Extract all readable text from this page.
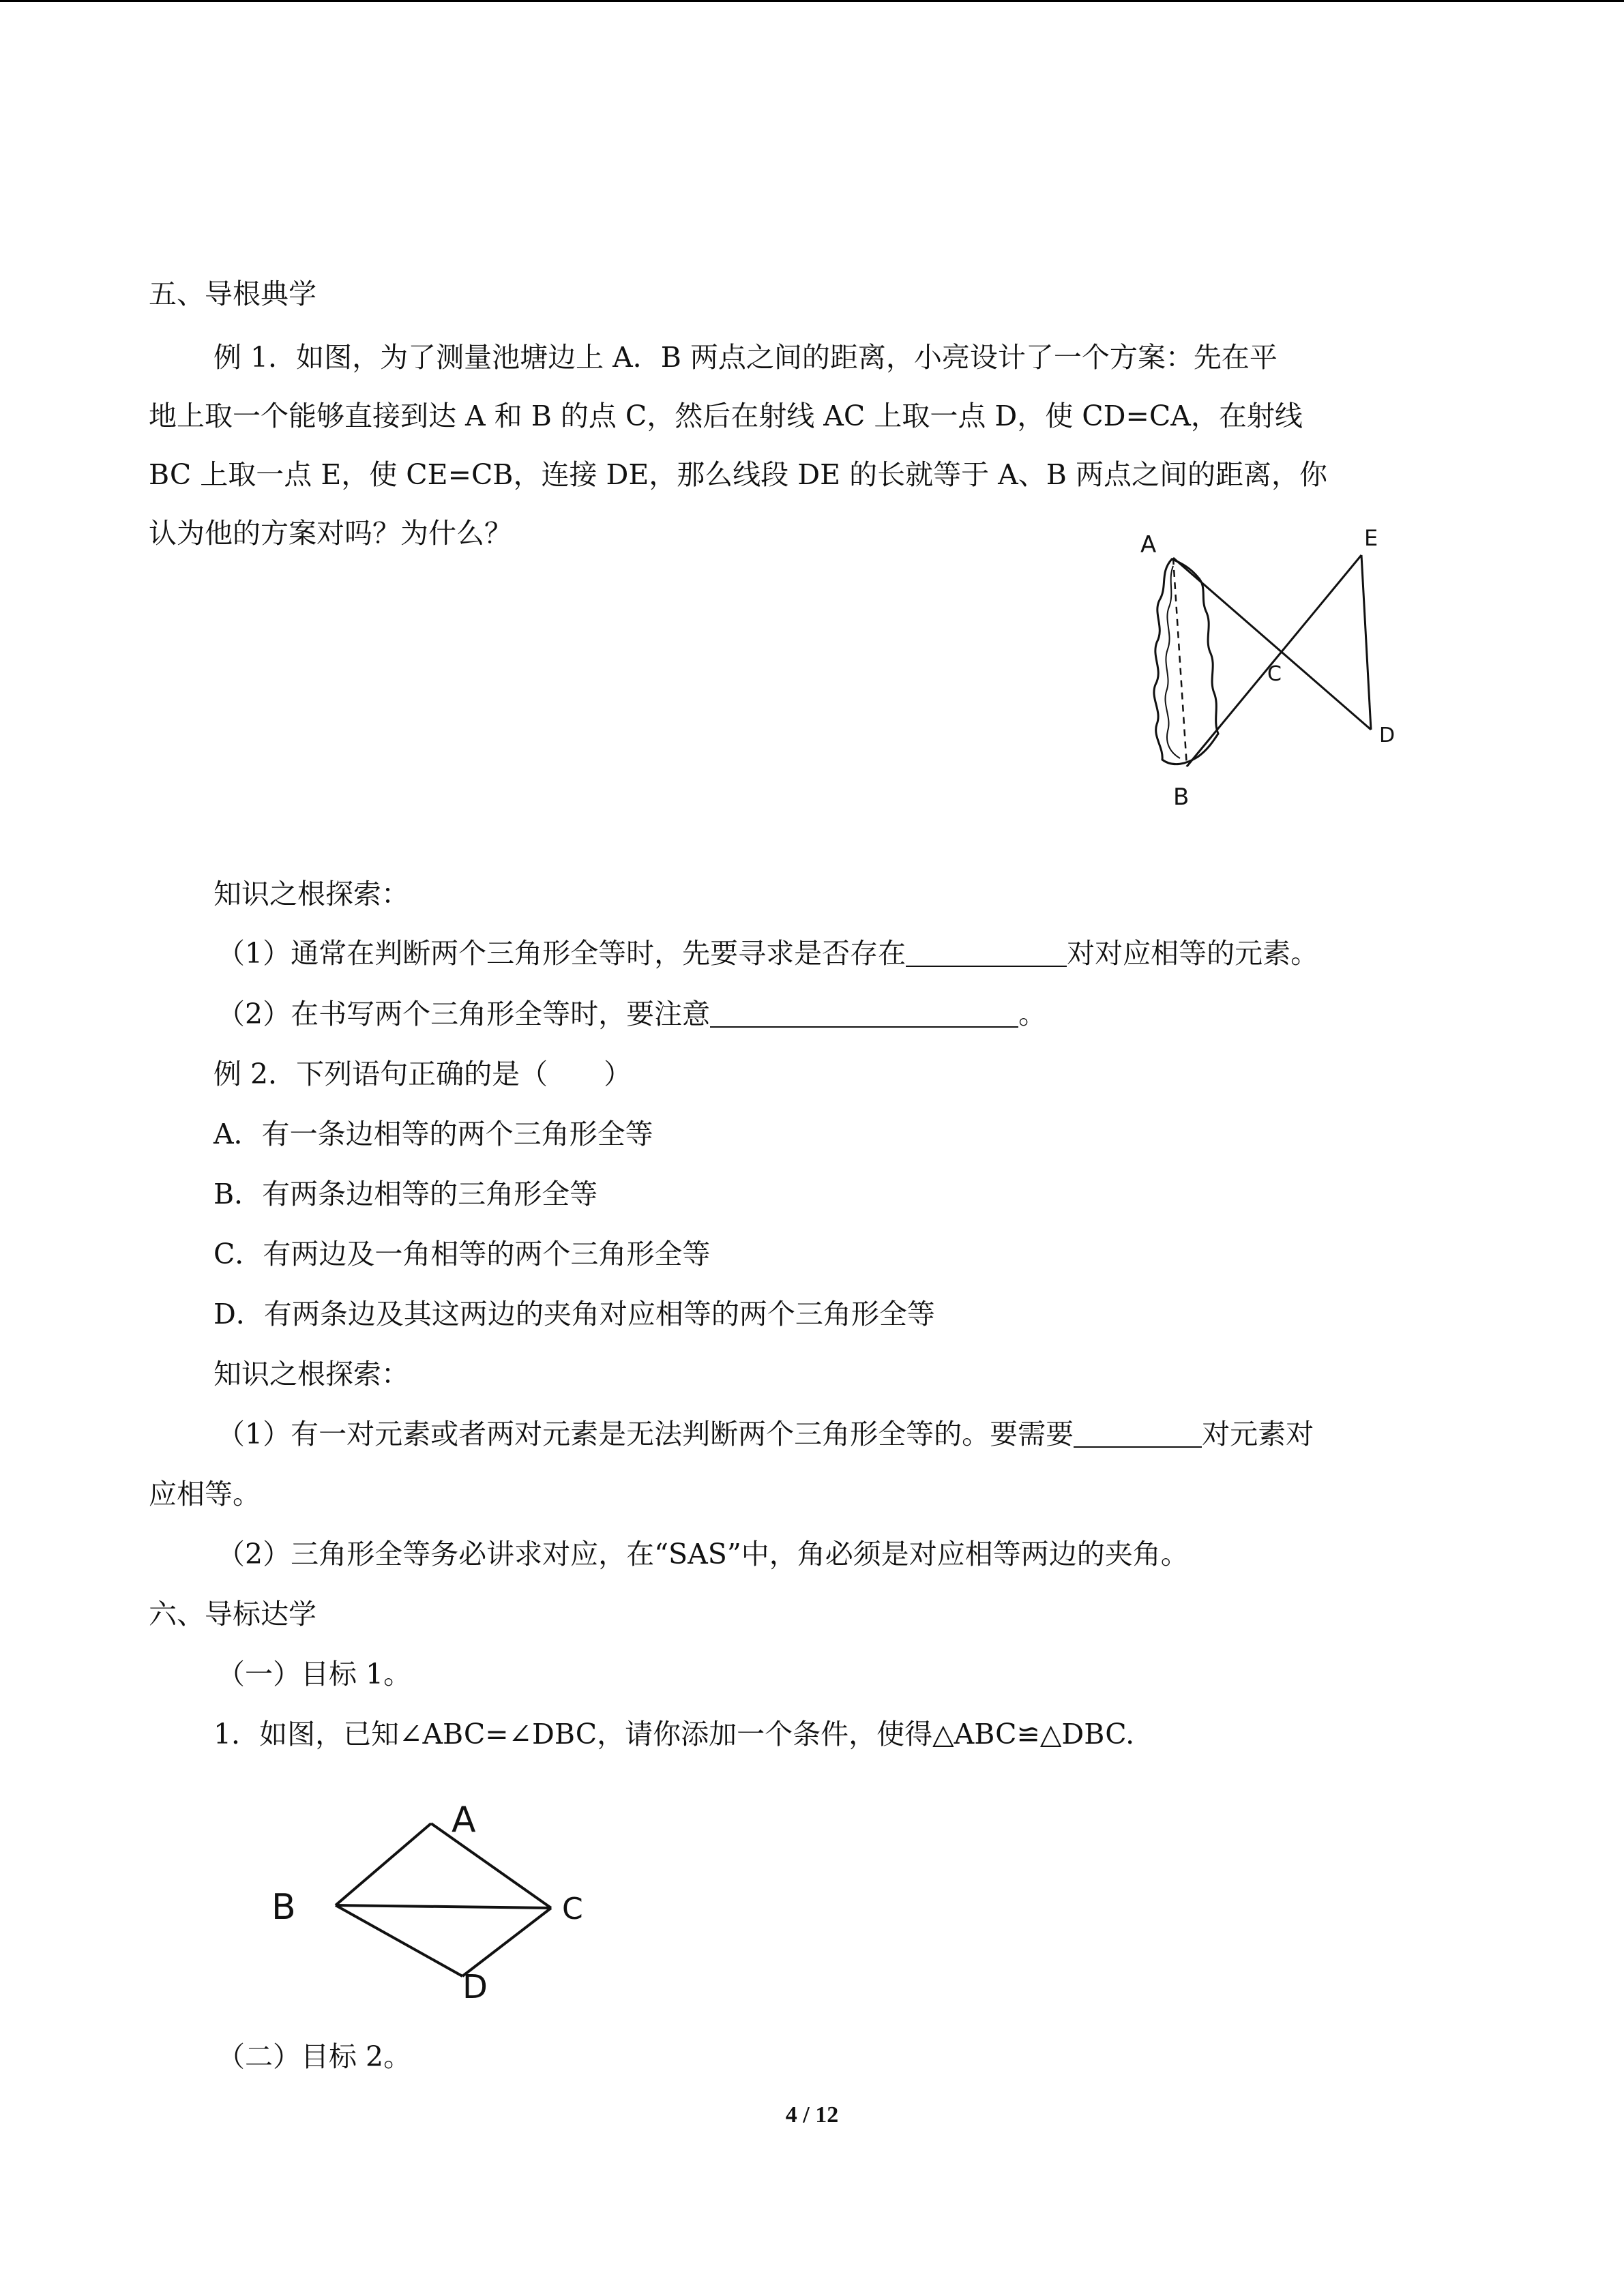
五、导根典学
例 1．如图，为了测量池塘边上 A．B 两点之间的距离，小亮设计了一个方案：先在平
地上取一个能够直接到达 A 和 B 的点 C，然后在射线 AC 上取一点 D，使 CD=CA，在射线
BC 上取一点 E，使 CE=CB，连接 DE，那么线段 DE 的长就等于 A、B 两点之间的距离，你
认为他的方案对吗？为什么？	A
B
C
D
E
知识之根探索：
（1）通常在判断两个三角形全等时，先要寻求是否存在	对对应相等的元素。
（2）在书写两个三角形全等时，要注意	。
例 2．下列语句正确的是（　　）
A．有一条边相等的两个三角形全等
B．有两条边相等的三角形全等
C．有两边及一角相等的两个三角形全等
D．有两条边及其这两边的夹角对应相等的两个三角形全等
知识之根探索：
（1）有一对元素或者两对元素是无法判断两个三角形全等的。要需要	对元素对
应相等。
（2）三角形全等务必讲求对应，在“SAS”中，角必须是对应相等两边的夹角。
六、导标达学
（一）目标 1。
1．如图，已知∠ABC=∠DBC，请你添加一个条件，使得△ABC≌△DBC.
A
B	C
D
（二）目标 2。
4 / 12
